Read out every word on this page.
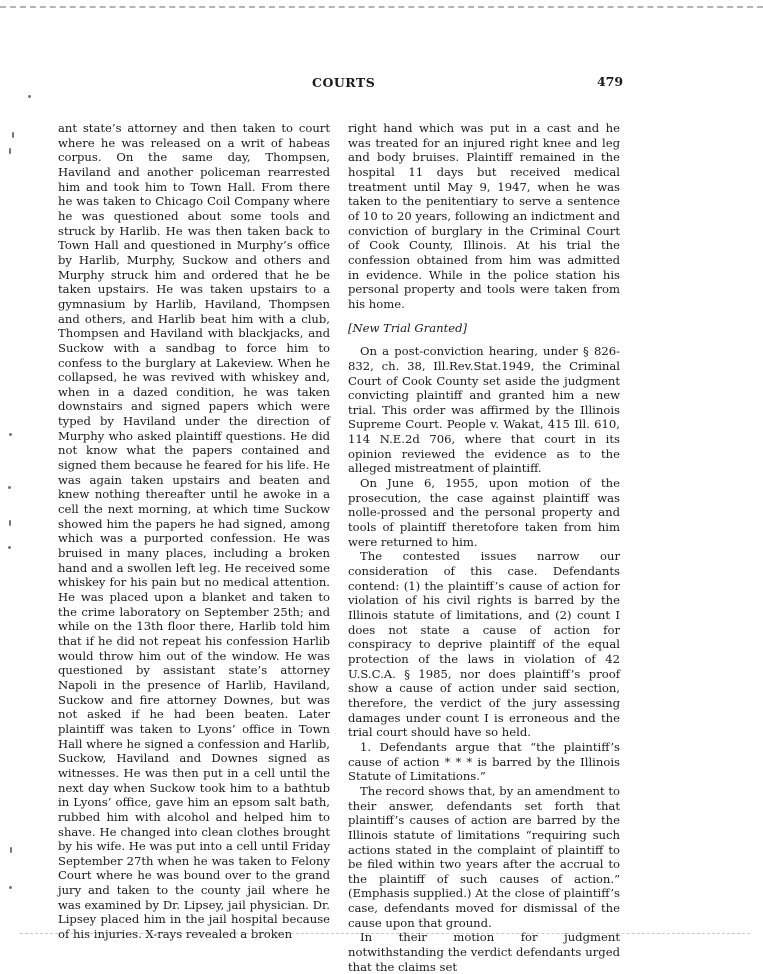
COURTS	479

ant state’s attorney and then taken to court where he was released on a writ of habeas corpus. On the same day, Thompsen, Haviland and another policeman rearrested him and took him to Town Hall. From there he was taken to Chicago Coil Company where he was questioned about some tools and struck by Harlib. He was then taken back to Town Hall and questioned in Murphy’s office by Harlib, Murphy, Suckow and others and Murphy struck him and ordered that he be taken upstairs. He was taken upstairs to a gymnasium by Harlib, Haviland, Thompsen and others, and Harlib beat him with a club, Thompsen and Haviland with blackjacks, and Suckow with a sandbag to force him to confess to the burglary at Lakeview. When he collapsed, he was revived with whiskey and, when in a dazed condition, he was taken downstairs and signed papers which were typed by Haviland under the direction of Murphy who asked plaintiff questions. He did not know what the papers contained and signed them because he feared for his life. He was again taken upstairs and beaten and knew nothing thereafter until he awoke in a cell the next morning, at which time Suckow showed him the papers he had signed, among which was a purported confession. He was bruised in many places, including a broken hand and a swollen left leg. He received some whiskey for his pain but no medical attention. He was placed upon a blanket and taken to the crime laboratory on September 25th; and while on the 13th floor there, Harlib told him that if he did not repeat his confession Harlib would throw him out of the window. He was questioned by assistant state’s attorney Napoli in the presence of Harlib, Haviland, Suckow and fire attorney Downes, but was not asked if he had been beaten. Later plaintiff was taken to Lyons’ office in Town Hall where he signed a confession and Harlib, Suckow, Haviland and Downes signed as witnesses. He was then put in a cell until the next day when Suckow took him to a bathtub in Lyons’ office, gave him an epsom salt bath, rubbed him with alcohol and helped him to shave. He changed into clean clothes brought by his wife. He was put into a cell until Friday September 27th when he was taken to Felony Court where he was bound over to the grand jury and taken to the county jail where he was examined by Dr. Lipsey, jail physician. Dr. Lipsey placed him in the jail hospital because of his injuries. X-rays revealed a broken

right hand which was put in a cast and he was treated for an injured right knee and leg and body bruises. Plaintiff remained in the hospital 11 days but received medical treatment until May 9, 1947, when he was taken to the penitentiary to serve a sentence of 10 to 20 years, following an indictment and conviction of burglary in the Criminal Court of Cook County, Illinois. At his trial the confession obtained from him was admitted in evidence. While in the police station his personal property and tools were taken from his home.

[New Trial Granted]

On a post-conviction hearing, under § 826-832, ch. 38, Ill.Rev.Stat.1949, the Criminal Court of Cook County set aside the judgment convicting plaintiff and granted him a new trial. This order was affirmed by the Illinois Supreme Court. People v. Wakat, 415 Ill. 610, 114 N.E.2d 706, where that court in its opinion reviewed the evidence as to the alleged mistreatment of plaintiff.

On June 6, 1955, upon motion of the prosecution, the case against plaintiff was nolle-prossed and the personal property and tools of plaintiff theretofore taken from him were returned to him.

The contested issues narrow our consideration of this case. Defendants contend: (1) the plaintiff’s cause of action for violation of his civil rights is barred by the Illinois statute of limitations, and (2) count I does not state a cause of action for conspiracy to deprive plaintiff of the equal protection of the laws in violation of 42 U.S.C.A. § 1985, nor does plaintiff’s proof show a cause of action under said section, therefore, the verdict of the jury assessing damages under count I is erroneous and the trial court should have so held.

1. Defendants argue that “the plaintiff’s cause of action * * * is barred by the Illinois Statute of Limitations.”

The record shows that, by an amendment to their answer, defendants set forth that plaintiff’s causes of action are barred by the Illinois statute of limitations “requiring such actions stated in the complaint of plaintiff to be filed within two years after the accrual to the plaintiff of such causes of action.” (Emphasis supplied.) At the close of plaintiff’s case, defendants moved for dismissal of the cause upon that ground.

In their motion for judgment notwithstanding the verdict defendants urged that the claims set
